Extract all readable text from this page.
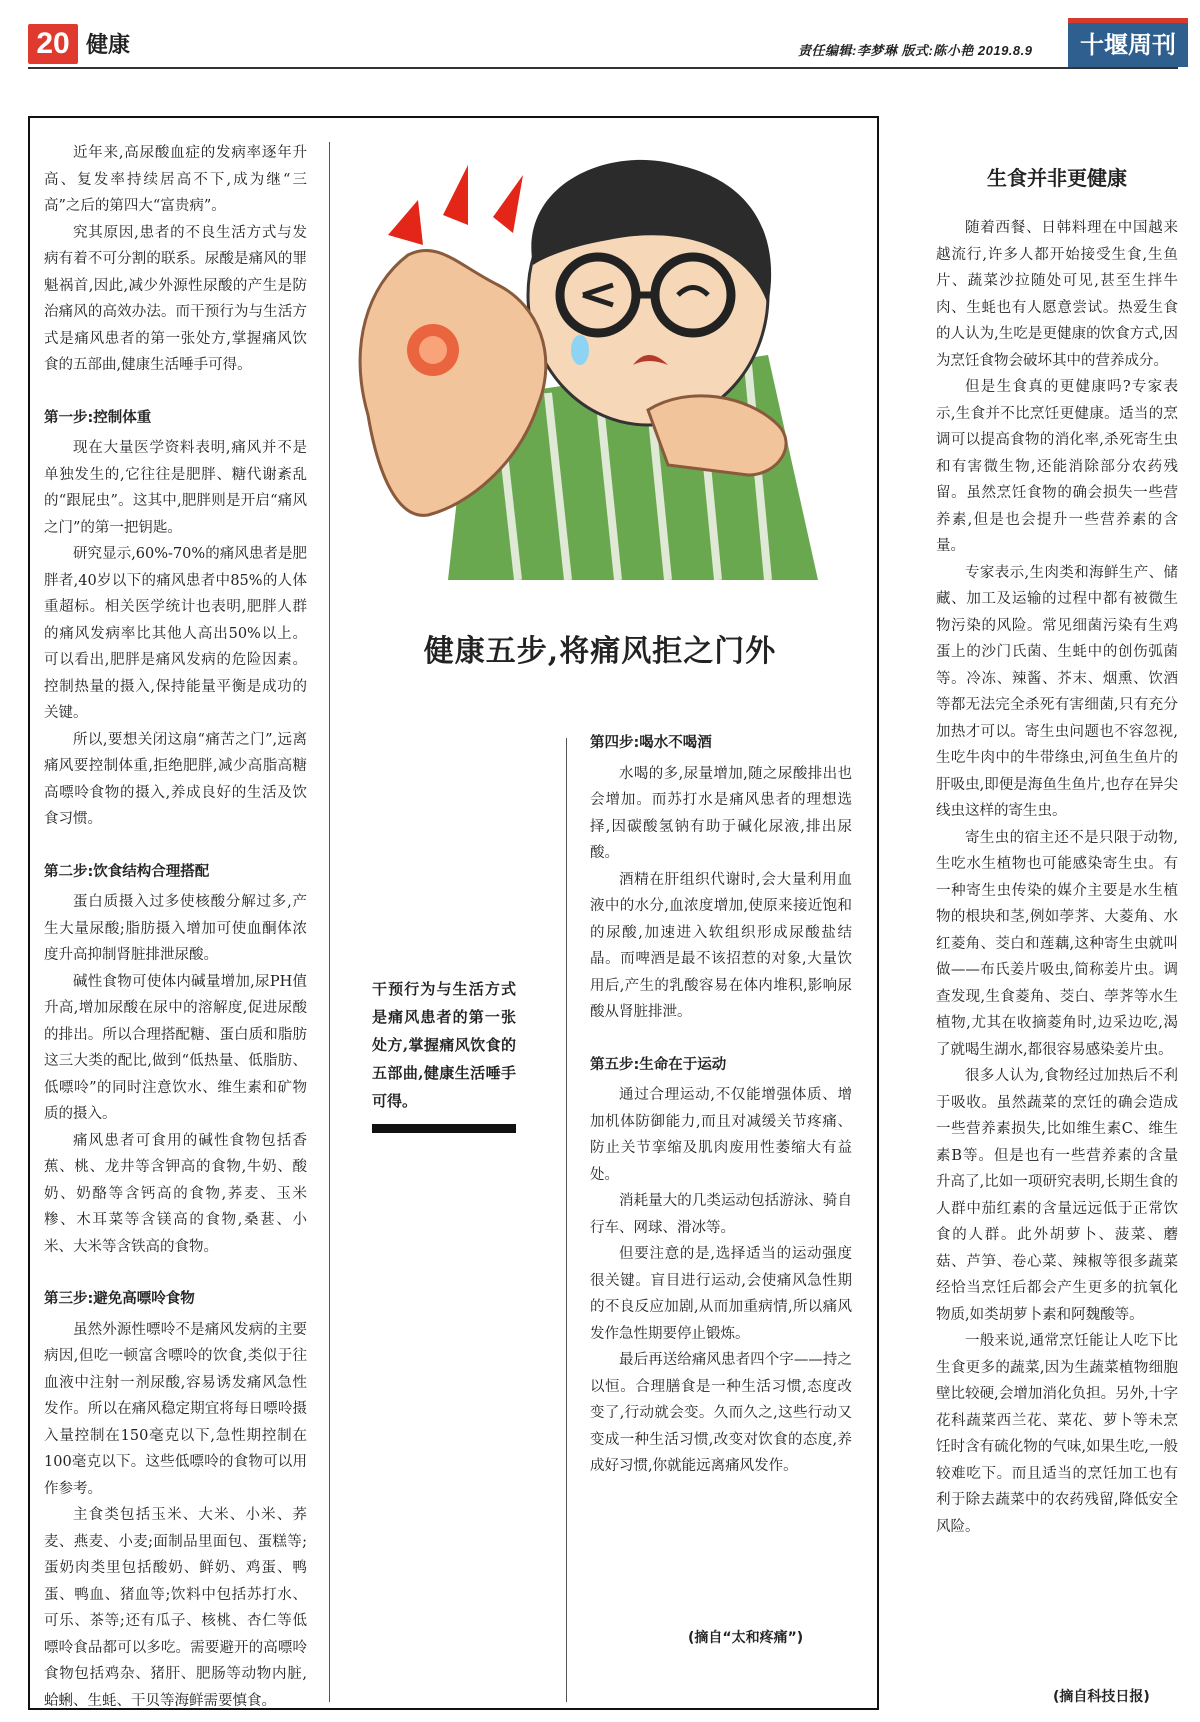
20 健康	责任编辑:李梦琳 版式:陈小艳 2019.8.9	十堰周刊
健康五步,将痛风拒之门外

近年来,高尿酸血症的发病率逐年升高、复发率持续居高不下,成为继“三高”之后的第四大“富贵病”。

究其原因,患者的不良生活方式与发病有着不可分割的联系。尿酸是痛风的罪魁祸首,因此,减少外源性尿酸的产生是防治痛风的高效办法。而干预行为与生活方式是痛风患者的第一张处方,掌握痛风饮食的五部曲,健康生活唾手可得。

第一步:控制体重

现在大量医学资料表明,痛风并不是单独发生的,它往往是肥胖、糖代谢紊乱的“跟屁虫”。这其中,肥胖则是开启“痛风之门”的第一把钥匙。

研究显示,60%-70%的痛风患者是肥胖者,40岁以下的痛风患者中85%的人体重超标。相关医学统计也表明,肥胖人群的痛风发病率比其他人高出50%以上。可以看出,肥胖是痛风发病的危险因素。控制热量的摄入,保持能量平衡是成功的关键。

所以,要想关闭这扇“痛苦之门”,远离痛风要控制体重,拒绝肥胖,减少高脂高糖高嘌呤食物的摄入,养成良好的生活及饮食习惯。

第二步:饮食结构合理搭配

蛋白质摄入过多使核酸分解过多,产生大量尿酸;脂肪摄入增加可使血酮体浓度升高抑制肾脏排泄尿酸。

碱性食物可使体内碱量增加,尿PH值升高,增加尿酸在尿中的溶解度,促进尿酸的排出。所以合理搭配糖、蛋白质和脂肪这三大类的配比,做到“低热量、低脂肪、低嘌呤”的同时注意饮水、维生素和矿物质的摄入。

痛风患者可食用的碱性食物包括香蕉、桃、龙井等含钾高的食物,牛奶、酸奶、奶酪等含钙高的食物,荞麦、玉米糁、木耳菜等含镁高的食物,桑葚、小米、大米等含铁高的食物。

第三步:避免高嘌呤食物

虽然外源性嘌呤不是痛风发病的主要病因,但吃一顿富含嘌呤的饮食,类似于往血液中注射一剂尿酸,容易诱发痛风急性发作。所以在痛风稳定期宜将每日嘌呤摄入量控制在150毫克以下,急性期控制在100毫克以下。这些低嘌呤的食物可以用作参考。

主食类包括玉米、大米、小米、荞麦、燕麦、小麦;面制品里面包、蛋糕等;蛋奶肉类里包括酸奶、鲜奶、鸡蛋、鸭蛋、鸭血、猪血等;饮料中包括苏打水、可乐、茶等;还有瓜子、核桃、杏仁等低嘌呤食品都可以多吃。需要避开的高嘌呤食物包括鸡杂、猪肝、肥肠等动物内脏,蛤蜊、生蚝、干贝等海鲜需要慎食。

干预行为与生活方式是痛风患者的第一张处方,掌握痛风饮食的五部曲,健康生活唾手可得。
第四步:喝水不喝酒

水喝的多,尿量增加,随之尿酸排出也会增加。而苏打水是痛风患者的理想选择,因碳酸氢钠有助于碱化尿液,排出尿酸。

酒精在肝组织代谢时,会大量利用血液中的水分,血浓度增加,使原来接近饱和的尿酸,加速进入软组织形成尿酸盐结晶。而啤酒是最不该招惹的对象,大量饮用后,产生的乳酸容易在体内堆积,影响尿酸从肾脏排泄。

第五步:生命在于运动

通过合理运动,不仅能增强体质、增加机体防御能力,而且对减缓关节疼痛、防止关节挛缩及肌肉废用性萎缩大有益处。

消耗量大的几类运动包括游泳、骑自行车、网球、滑冰等。

但要注意的是,选择适当的运动强度很关键。盲目进行运动,会使痛风急性期的不良反应加剧,从而加重病情,所以痛风发作急性期要停止锻炼。

最后再送给痛风患者四个字——持之以恒。合理膳食是一种生活习惯,态度改变了,行动就会变。久而久之,这些行动又变成一种生活习惯,改变对饮食的态度,养成好习惯,你就能远离痛风发作。

(摘自“太和疼痛”)
生食并非更健康

随着西餐、日韩料理在中国越来越流行,许多人都开始接受生食,生鱼片、蔬菜沙拉随处可见,甚至生拌牛肉、生蚝也有人愿意尝试。热爱生食的人认为,生吃是更健康的饮食方式,因为烹饪食物会破坏其中的营养成分。

但是生食真的更健康吗?专家表示,生食并不比烹饪更健康。适当的烹调可以提高食物的消化率,杀死寄生虫和有害微生物,还能消除部分农药残留。虽然烹饪食物的确会损失一些营养素,但是也会提升一些营养素的含量。

专家表示,生肉类和海鲜生产、储藏、加工及运输的过程中都有被微生物污染的风险。常见细菌污染有生鸡蛋上的沙门氏菌、生蚝中的创伤弧菌等。冷冻、辣酱、芥末、烟熏、饮酒等都无法完全杀死有害细菌,只有充分加热才可以。寄生虫问题也不容忽视,生吃牛肉中的牛带绦虫,河鱼生鱼片的肝吸虫,即便是海鱼生鱼片,也存在异尖线虫这样的寄生虫。

寄生虫的宿主还不是只限于动物,生吃水生植物也可能感染寄生虫。有一种寄生虫传染的媒介主要是水生植物的根块和茎,例如荸荠、大菱角、水红菱角、茭白和莲藕,这种寄生虫就叫做——布氏姜片吸虫,简称姜片虫。调查发现,生食菱角、茭白、荸荠等水生植物,尤其在收摘菱角时,边采边吃,渴了就喝生湖水,都很容易感染姜片虫。

很多人认为,食物经过加热后不利于吸收。虽然蔬菜的烹饪的确会造成一些营养素损失,比如维生素C、维生素B等。但是也有一些营养素的含量升高了,比如一项研究表明,长期生食的人群中茄红素的含量远远低于正常饮食的人群。此外胡萝卜、菠菜、蘑菇、芦笋、卷心菜、辣椒等很多蔬菜经恰当烹饪后都会产生更多的抗氧化物质,如类胡萝卜素和阿魏酸等。

一般来说,通常烹饪能让人吃下比生食更多的蔬菜,因为生蔬菜植物细胞壁比较硬,会增加消化负担。另外,十字花科蔬菜西兰花、菜花、萝卜等未烹饪时含有硫化物的气味,如果生吃,一般较难吃下。而且适当的烹饪加工也有利于除去蔬菜中的农药残留,降低安全风险。

(摘自科技日报)
